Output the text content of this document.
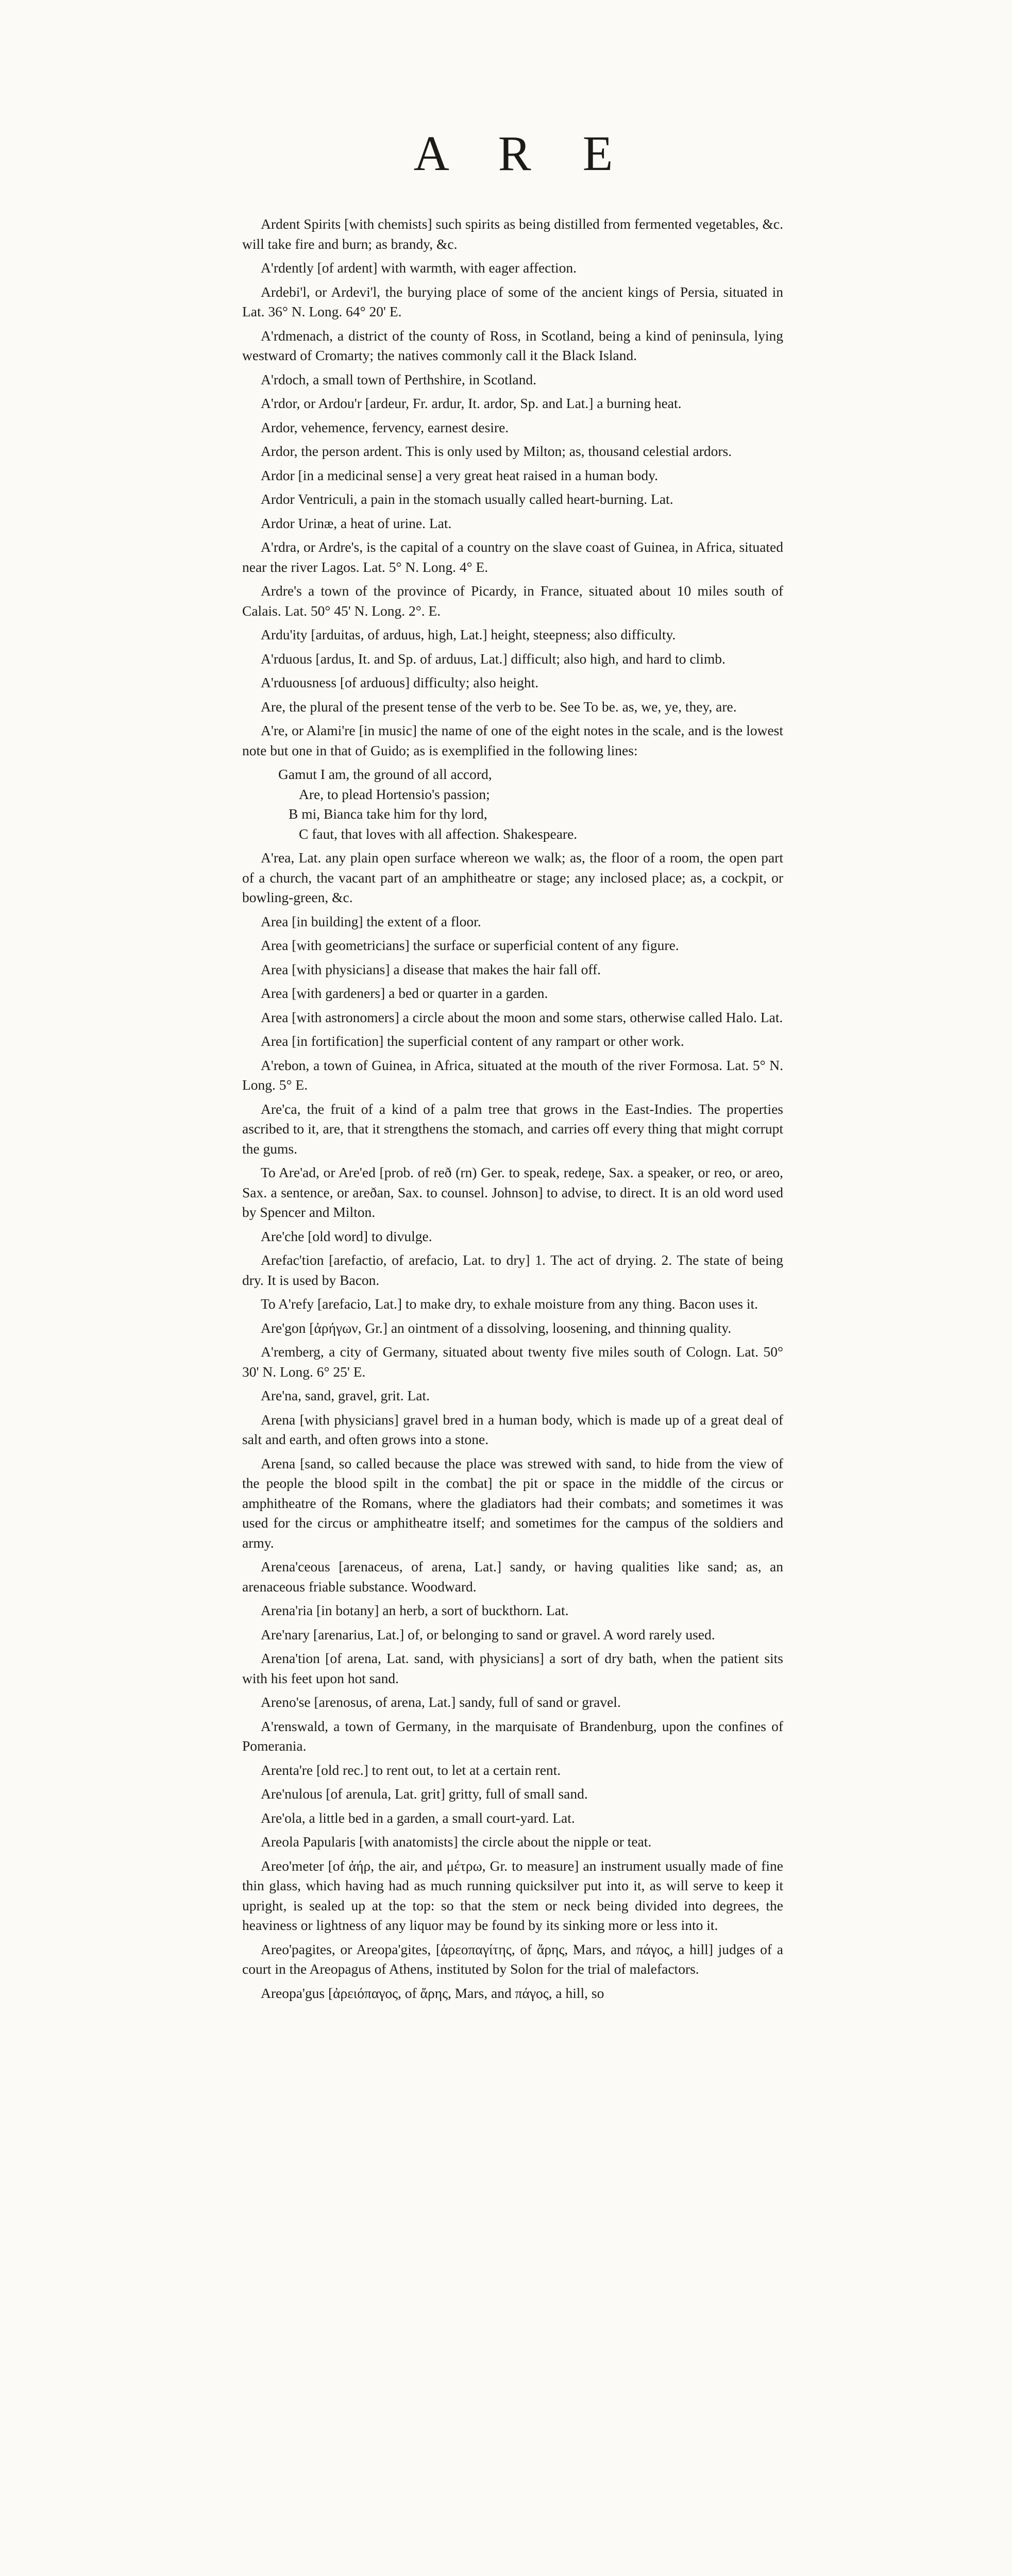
A R E

Ardent Spirits [with chemists] such spirits as being distilled from fermented vegetables, &c. will take fire and burn; as brandy, &c.

A'rdently [of ardent] with warmth, with eager affection.

Ardebi'l, or Ardevi'l, the burying place of some of the ancient kings of Persia, situated in Lat. 36° N. Long. 64° 20' E.

A'rdmenach, a district of the county of Ross, in Scotland, being a kind of peninsula, lying westward of Cromarty; the natives commonly call it the Black Island.

A'rdoch, a small town of Perthshire, in Scotland.

A'rdor, or Ardou'r [ardeur, Fr. ardur, It. ardor, Sp. and Lat.] a burning heat.

Ardor, vehemence, fervency, earnest desire.

Ardor, the person ardent. This is only used by Milton; as, thousand celestial ardors.

Ardor [in a medicinal sense] a very great heat raised in a human body.

Ardor Ventriculi, a pain in the stomach usually called heart-burning. Lat.

Ardor Urinæ, a heat of urine. Lat.

A'rdra, or Ardre's, is the capital of a country on the slave coast of Guinea, in Africa, situated near the river Lagos. Lat. 5° N. Long. 4° E.

Ardre's a town of the province of Picardy, in France, situated about 10 miles south of Calais. Lat. 50° 45' N. Long. 2°. E.

Ardu'ity [arduitas, of arduus, high, Lat.] height, steepness; also difficulty.

A'rduous [ardus, It. and Sp. of arduus, Lat.] difficult; also high, and hard to climb.

A'rduousness [of arduous] difficulty; also height.

Are, the plural of the present tense of the verb to be. See To be. as, we, ye, they, are.

A're, or Alami're [in music] the name of one of the eight notes in the scale, and is the lowest note but one in that of Guido; as is exemplified in the following lines:

Gamut I am, the ground of all accord,
Are, to plead Hortensio's passion;
B mi, Bianca take him for thy lord,
C faut, that loves with all affection. Shakespeare.

A'rea, Lat. any plain open surface whereon we walk; as, the floor of a room, the open part of a church, the vacant part of an amphitheatre or stage; any inclosed place; as, a cockpit, or bowling-green, &c.

Area [in building] the extent of a floor.

Area [with geometricians] the surface or superficial content of any figure.

Area [with physicians] a disease that makes the hair fall off.

Area [with gardeners] a bed or quarter in a garden.

Area [with astronomers] a circle about the moon and some stars, otherwise called Halo. Lat.

Area [in fortification] the superficial content of any rampart or other work.

A'rebon, a town of Guinea, in Africa, situated at the mouth of the river Formosa. Lat. 5° N. Long. 5° E.

Are'ca, the fruit of a kind of a palm tree that grows in the East-Indies. The properties ascribed to it, are, that it strengthens the stomach, and carries off every thing that might corrupt the gums.

To Are'ad, or Are'ed [prob. of reð (rn) Ger. to speak, redeŋe, Sax. a speaker, or reo, or areo, Sax. a sentence, or areðan, Sax. to counsel. Johnson] to advise, to direct. It is an old word used by Spencer and Milton.

Are'che [old word] to divulge.

Arefac'tion [arefactio, of arefacio, Lat. to dry] 1. The act of drying. 2. The state of being dry. It is used by Bacon.

To A'refy [arefacio, Lat.] to make dry, to exhale moisture from any thing. Bacon uses it.

Are'gon [ἀρήγων, Gr.] an ointment of a dissolving, loosening, and thinning quality.

A'remberg, a city of Germany, situated about twenty five miles south of Cologn. Lat. 50° 30' N. Long. 6° 25' E.

Are'na, sand, gravel, grit. Lat.

Arena [with physicians] gravel bred in a human body, which is made up of a great deal of salt and earth, and often grows into a stone.

Arena [sand, so called because the place was strewed with sand, to hide from the view of the people the blood spilt in the combat] the pit or space in the middle of the circus or amphitheatre of the Romans, where the gladiators had their combats; and sometimes it was used for the circus or amphitheatre itself; and sometimes for the campus of the soldiers and army.

Arena'ceous [arenaceus, of arena, Lat.] sandy, or having qualities like sand; as, an arenaceous friable substance. Woodward.

Arena'ria [in botany] an herb, a sort of buckthorn. Lat.

Are'nary [arenarius, Lat.] of, or belonging to sand or gravel. A word rarely used.

Arena'tion [of arena, Lat. sand, with physicians] a sort of dry bath, when the patient sits with his feet upon hot sand.

Areno'se [arenosus, of arena, Lat.] sandy, full of sand or gravel.

A'renswald, a town of Germany, in the marquisate of Brandenburg, upon the confines of Pomerania.

Arenta're [old rec.] to rent out, to let at a certain rent.

Are'nulous [of arenula, Lat. grit] gritty, full of small sand.

Are'ola, a little bed in a garden, a small court-yard. Lat.

Areola Papularis [with anatomists] the circle about the nipple or teat.

Areo'meter [of ἀήρ, the air, and μέτρω, Gr. to measure] an instrument usually made of fine thin glass, which having had as much running quicksilver put into it, as will serve to keep it upright, is sealed up at the top: so that the stem or neck being divided into degrees, the heaviness or lightness of any liquor may be found by its sinking more or less into it.

Areo'pagites, or Areopa'gites, [ἀρεοπαγίτης, of ἄρης, Mars, and πάγος, a hill] judges of a court in the Areopagus of Athens, instituted by Solon for the trial of malefactors.

Areopa'gus [ἀρειόπαγος, of ἄρης, Mars, and πάγος, a hill, so
